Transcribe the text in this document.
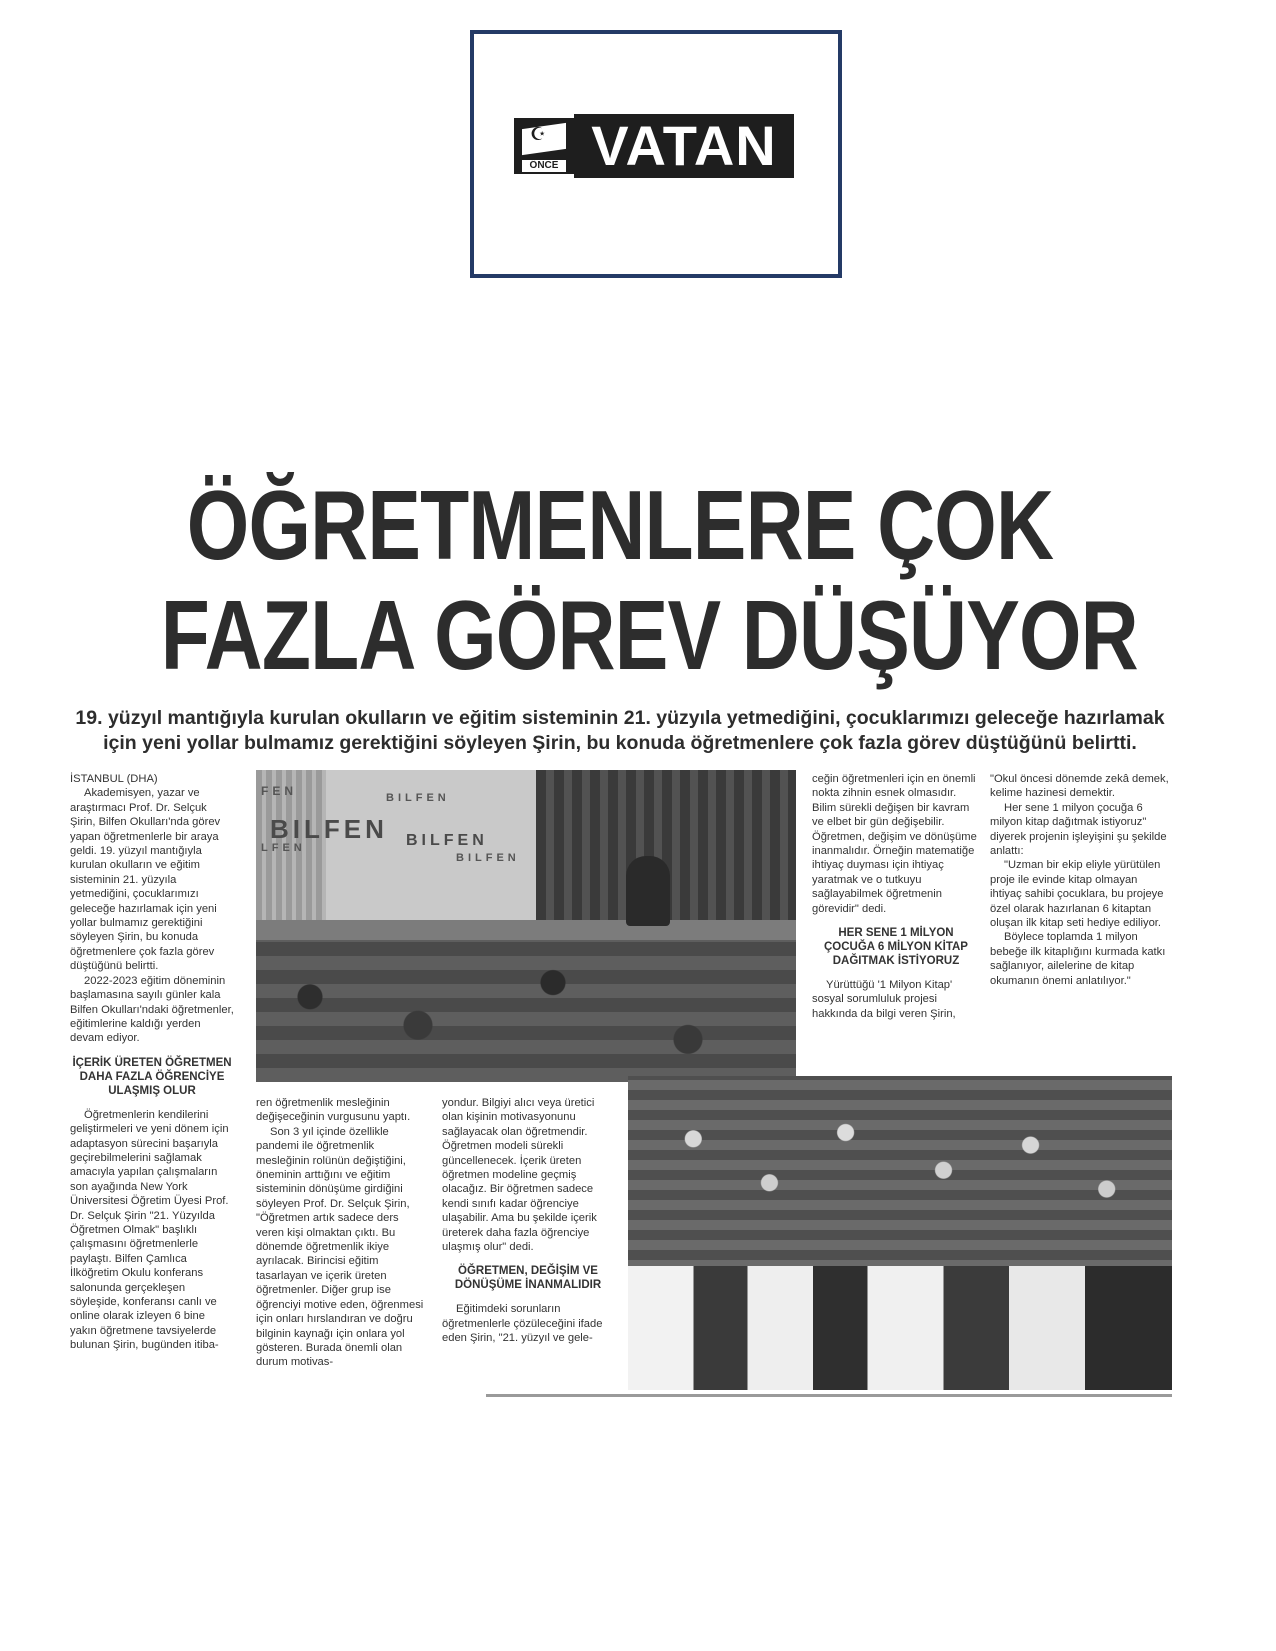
☪
ÖNCE VATAN
ÖĞRETMENLERE ÇOK
FAZLA GÖREV DÜŞÜYOR
19. yüzyıl mantığıyla kurulan okulların ve eğitim sisteminin 21. yüzyıla yetmediğini, çocuklarımızı geleceğe hazırlamak
için yeni yollar bulmamız gerektiğini söyleyen Şirin, bu konuda öğretmenlere çok fazla görev düştüğünü belirtti.

İSTANBUL (DHA)

Akademisyen, yazar ve araştırmacı Prof. Dr. Selçuk Şirin, Bilfen Okulları'nda görev yapan öğretmenlerle bir araya geldi. 19. yüzyıl mantığıyla kurulan okulların ve eğitim sisteminin 21. yüzyıla yetmediğini, çocuklarımızı geleceğe hazırlamak için yeni yollar bulmamız gerektiğini söyleyen Şirin, bu konuda öğretmenlere çok fazla görev düştüğünü belirtti.

2022-2023 eğitim döneminin başlamasına sayılı günler kala Bilfen Okulları'ndaki öğretmenler, eğitimlerine kaldığı yerden devam ediyor.

İÇERİK ÜRETEN ÖĞRETMEN DAHA FAZLA ÖĞRENCİYE ULAŞMIŞ OLUR

Öğretmenlerin kendilerini geliştirmeleri ve yeni dönem için adaptasyon sürecini başarıyla geçirebilmelerini sağlamak amacıyla yapılan çalışmaların son ayağında New York Üniversitesi Öğretim Üyesi Prof. Dr. Selçuk Şirin "21. Yüzyılda Öğretmen Olmak" başlıklı çalışmasını öğretmenlerle paylaştı. Bilfen Çamlıca İlköğretim Okulu konferans salonunda gerçekleşen söyleşide, konferansı canlı ve online olarak izleyen 6 bine yakın öğretmene tavsiyelerde bulunan Şirin, bugünden itiba-

FEN
BILFEN
BILFEN
LFEN	BILFEN
BILFEN

ren öğretmenlik mesleğinin değişeceğinin vurgusunu yaptı.

Son 3 yıl içinde özellikle pandemi ile öğretmenlik mesleğinin rolünün değiştiğini, öneminin arttığını ve eğitim sisteminin dönüşüme girdiğini söyleyen Prof. Dr. Selçuk Şirin, "Öğretmen artık sadece ders veren kişi olmaktan çıktı. Bu dönemde öğretmenlik ikiye ayrılacak. Birincisi eğitim tasarlayan ve içerik üreten öğretmenler. Diğer grup ise öğrenciyi motive eden, öğrenmesi için onları hırslandıran ve doğru bilginin kaynağı için onlara yol gösteren. Burada önemli olan durum motivas-

yondur. Bilgiyi alıcı veya üretici olan kişinin motivasyonunu sağlayacak olan öğretmendir. Öğretmen modeli sürekli güncellenecek. İçerik üreten öğretmen modeline geçmiş olacağız. Bir öğretmen sadece kendi sınıfı kadar öğrenciye ulaşabilir. Ama bu şekilde içerik üreterek daha fazla öğrenciye ulaşmış olur" dedi.

ÖĞRETMEN, DEĞİŞİM VE DÖNÜŞÜME İNANMALIDIR

Eğitimdeki sorunların öğretmenlerle çözüleceğini ifade eden Şirin, "21. yüzyıl ve gele-

ceğin öğretmenleri için en önemli nokta zihnin esnek olmasıdır. Bilim sürekli değişen bir kavram ve elbet bir gün değişebilir. Öğretmen, değişim ve dönüşüme inanmalıdır. Örneğin matematiğe ihtiyaç duyması için ihtiyaç yaratmak ve o tutkuyu sağlayabilmek öğretmenin görevidir" dedi.

HER SENE 1 MİLYON ÇOCUĞA 6 MİLYON KİTAP DAĞITMAK İSTİYORUZ

Yürüttüğü '1 Milyon Kitap' sosyal sorumluluk projesi hakkında da bilgi veren Şirin,

"Okul öncesi dönemde zekâ demek, kelime hazinesi demektir.

Her sene 1 milyon çocuğa 6 milyon kitap dağıtmak istiyoruz" diyerek projenin işleyişini şu şekilde anlattı:

"Uzman bir ekip eliyle yürütülen proje ile evinde kitap olmayan ihtiyaç sahibi çocuklara, bu projeye özel olarak hazırlanan 6 kitaptan oluşan ilk kitap seti hediye ediliyor.

Böylece toplamda 1 milyon bebeğe ilk kitaplığını kurmada katkı sağlanıyor, ailelerine de kitap okumanın önemi anlatılıyor."
